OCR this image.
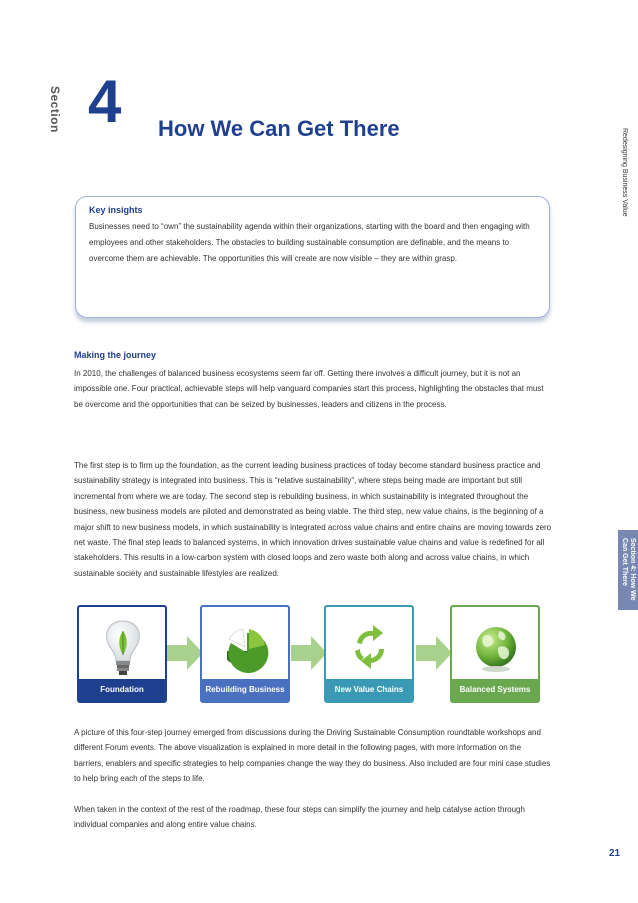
Section 4 How We Can Get There	Redesigning Business Value
Key insights
Businesses need to “own” the sustainability agenda within their organizations, starting with the board and then engaging with employees and other stakeholders. The obstacles to building sustainable consumption are definable, and the means to overcome them are achievable. The opportunities this will create are now visible – they are within grasp.
Making the journey

In 2010, the challenges of balanced business ecosystems seem far off. Getting there involves a difficult journey, but it is not an impossible one. Four practical, achievable steps will help vanguard companies start this process, highlighting the obstacles that must be overcome and the opportunities that can be seized by businesses, leaders and citizens in the process.

The first step is to firm up the foundation, as the current leading business practices of today become standard business practice and sustainability strategy is integrated into business. This is “relative sustainability”, where steps being made are important but still incremental from where we are today. The second step is rebuilding business, in which sustainability is integrated throughout the business, new business models are piloted and demonstrated as being viable. The third step, new value chains, is the beginning of a major shift to new business models, in which sustainability is integrated across value chains and entire chains are moving towards zero net waste. The final step leads to balanced systems, in which innovation drives sustainable value chains and value is redefined for all stakeholders. This results in a low-carbon system with closed loops and zero waste both along and across value chains, in which sustainable society and sustainable lifestyles are realized.	Section 4: How We Can Get There
Foundation	Rebuilding Business	New Value Chains	Balanced Systems

A picture of this four-step journey emerged from discussions during the Driving Sustainable Consumption roundtable workshops and different Forum events. The above visualization is explained in more detail in the following pages, with more information on the barriers, enablers and specific strategies to help companies change the way they do business. Also included are four mini case studies to help bring each of the steps to life.

When taken in the context of the rest of the roadmap, these four steps can simplify the journey and help catalyse action through individual companies and along entire value chains.

21
